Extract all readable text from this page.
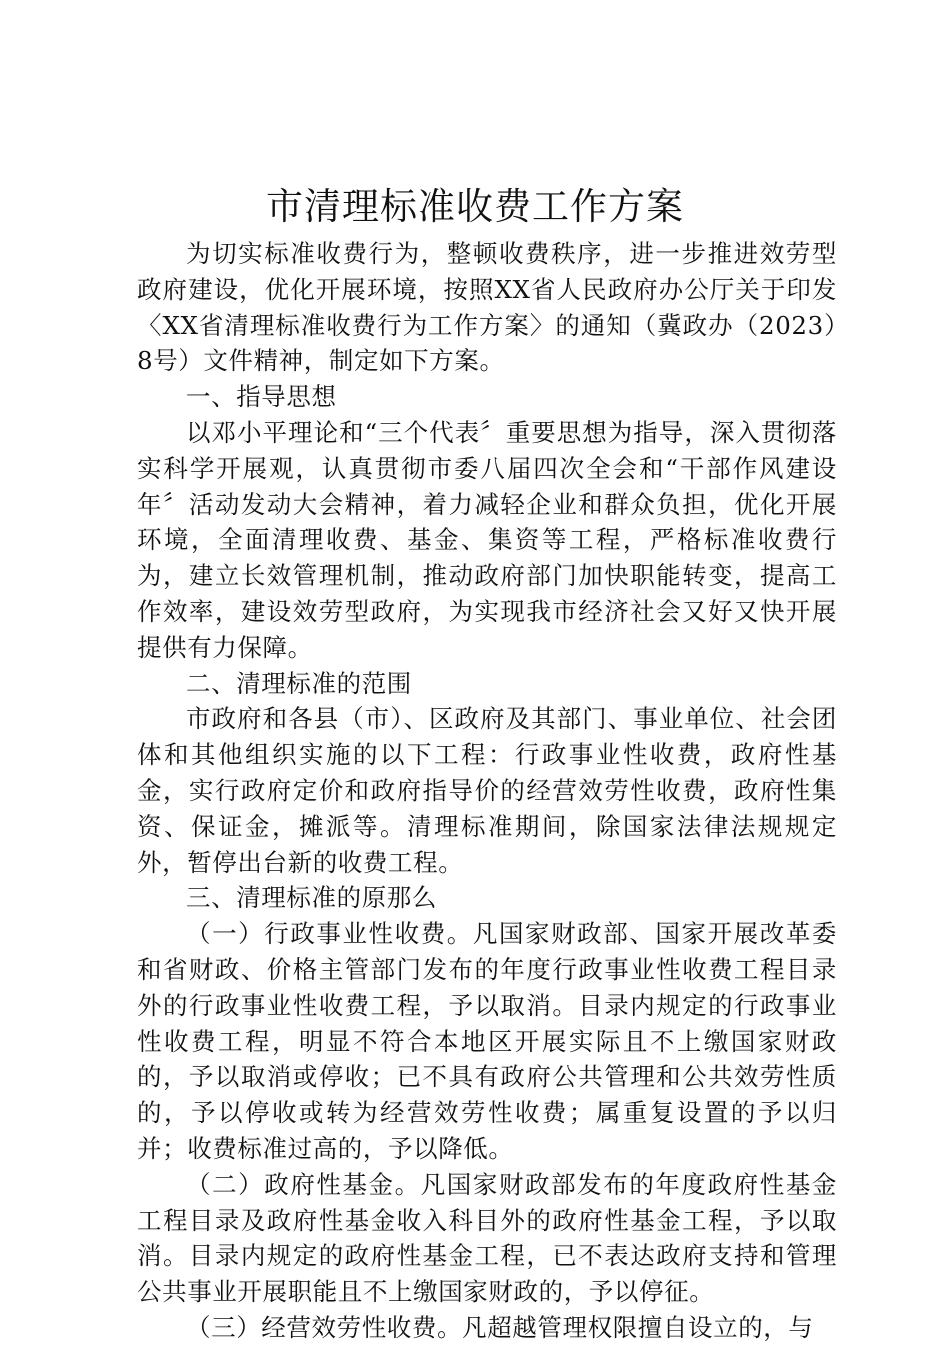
市清理标准收费工作方案

为切实标准收费行为，整顿收费秩序，进一步推进效劳型政府建设，优化开展环境，按照XX省人民政府办公厅关于印发〈XX省清理标准收费行为工作方案〉的通知（冀政办（2023）8号）文件精神，制定如下方案。

一、指导思想

以邓小平理论和“三个代表〞重要思想为指导，深入贯彻落实科学开展观，认真贯彻市委八届四次全会和“干部作风建设年〞活动发动大会精神，着力减轻企业和群众负担，优化开展环境，全面清理收费、基金、集资等工程，严格标准收费行为，建立长效管理机制，推动政府部门加快职能转变，提高工作效率，建设效劳型政府，为实现我市经济社会又好又快开展提供有力保障。

二、清理标准的范围

市政府和各县（市）、区政府及其部门、事业单位、社会团体和其他组织实施的以下工程：行政事业性收费，政府性基金，实行政府定价和政府指导价的经营效劳性收费，政府性集资、保证金，摊派等。清理标准期间，除国家法律法规规定外，暂停出台新的收费工程。

三、清理标准的原那么

（一）行政事业性收费。凡国家财政部、国家开展改革委和省财政、价格主管部门发布的年度行政事业性收费工程目录外的行政事业性收费工程，予以取消。目录内规定的行政事业性收费工程，明显不符合本地区开展实际且不上缴国家财政的，予以取消或停收；已不具有政府公共管理和公共效劳性质的，予以停收或转为经营效劳性收费；属重复设置的予以归并；收费标准过高的，予以降低。

（二）政府性基金。凡国家财政部发布的年度政府性基金工程目录及政府性基金收入科目外的政府性基金工程，予以取消。目录内规定的政府性基金工程，已不表达政府支持和管理公共事业开展职能且不上缴国家财政的，予以停征。

（三）经营效劳性收费。凡超越管理权限擅自设立的，与
